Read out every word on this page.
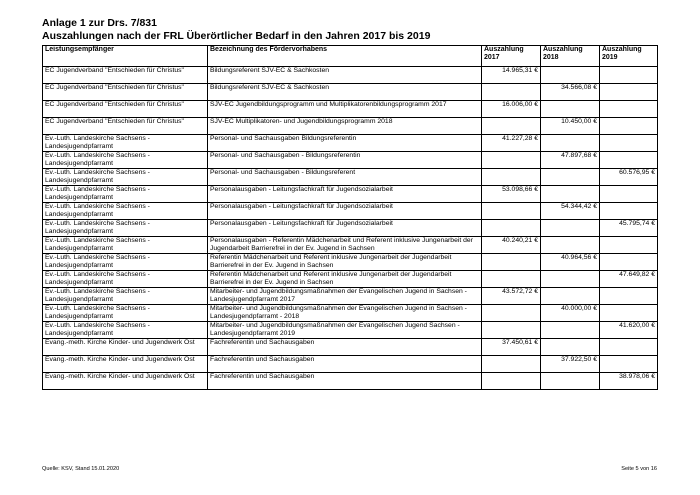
Anlage 1 zur Drs. 7/831
Auszahlungen nach der FRL Überörtlicher Bedarf in den Jahren 2017 bis 2019
Leistungsempfänger	Bezeichnung des Fördervorhabens	Auszahlung 2017	Auszahlung 2018	Auszahlung 2019
EC Jugendverband "Entschieden für Christus"	Bildungsreferent SJV-EC & Sachkosten	14.965,31 €		
EC Jugendverband "Entschieden für Christus"	Bildungsreferent SJV-EC & Sachkosten		34.566,08 €	
EC Jugendverband "Entschieden für Christus"	SJV-EC Jugendbildungsprogramm und Multiplikatorenbildungsprogramm 2017	16.006,00 €		
EC Jugendverband "Entschieden für Christus"	SJV-EC Multiplikatoren- und Jugendbildungsprogramm 2018		10.450,00 €	
Ev.-Luth. Landeskirche Sachsens - Landesjugendpfarramt	Personal- und Sachausgaben Bildungsreferentin	41.227,28 €		
Ev.-Luth. Landeskirche Sachsens - Landesjugendpfarramt	Personal- und Sachausgaben - Bildungsreferentin		47.897,68 €	
Ev.-Luth. Landeskirche Sachsens - Landesjugendpfarramt	Personal- und Sachausgaben - Bildungsreferent			60.576,95 €
Ev.-Luth. Landeskirche Sachsens - Landesjugendpfarramt	Personalausgaben - Leitungsfachkraft für Jugendsozialarbeit	53.098,66 €		
Ev.-Luth. Landeskirche Sachsens - Landesjugendpfarramt	Personalausgaben - Leitungsfachkraft für Jugendsozialarbeit		54.344,42 €	
Ev.-Luth. Landeskirche Sachsens - Landesjugendpfarramt	Personalausgaben - Leitungsfachkraft für Jugendsozialarbeit			45.795,74 €
Ev.-Luth. Landeskirche Sachsens - Landesjugendpfarramt	Personalausgaben - Referentin Mädchenarbeit und Referent inklusive Jungenarbeit der Jugendarbeit Barrierefrei in der Ev. Jugend in Sachsen	40.240,21 €		
Ev.-Luth. Landeskirche Sachsens - Landesjugendpfarramt	Referentin Mädchenarbeit und Referent inklusive Jungenarbeit der Jugendarbeit Barrierefrei in der Ev. Jugend in Sachsen		40.964,56 €	
Ev.-Luth. Landeskirche Sachsens - Landesjugendpfarramt	Referentin Mädchenarbeit und Referent inklusive Jungenarbeit der Jugendarbeit Barrierefrei in der Ev. Jugend in Sachsen			47.649,82 €
Ev.-Luth. Landeskirche Sachsens - Landesjugendpfarramt	Mitarbeiter- und Jugendbildungsmaßnahmen der Evangelischen Jugend in Sachsen - Landesjugendpfarramt 2017	43.572,72 €		
Ev.-Luth. Landeskirche Sachsens - Landesjugendpfarramt	Mitarbeiter- und Jugendbildungsmaßnahmen der Evangelischen Jugend in Sachsen - Landesjugendpfarramt - 2018		40.000,00 €	
Ev.-Luth. Landeskirche Sachsens - Landesjugendpfarramt	Mitarbeiter- und Jugendbildungsmaßnahmen der Evangelischen Jugend Sachsen - Landesjugendpfarramt 2019			41.620,00 €
Evang.-meth. Kirche Kinder- und Jugendwerk Ost	Fachreferentin und Sachausgaben	37.450,61 €		
Evang.-meth. Kirche Kinder- und Jugendwerk Ost	Fachreferentin und Sachausgaben		37.922,50 €	
Evang.-meth. Kirche Kinder- und Jugendwerk Ost	Fachreferentin und Sachausgaben			38.978,06 €
Quelle: KSV, Stand 15.01.2020	Seite 5 von 16
